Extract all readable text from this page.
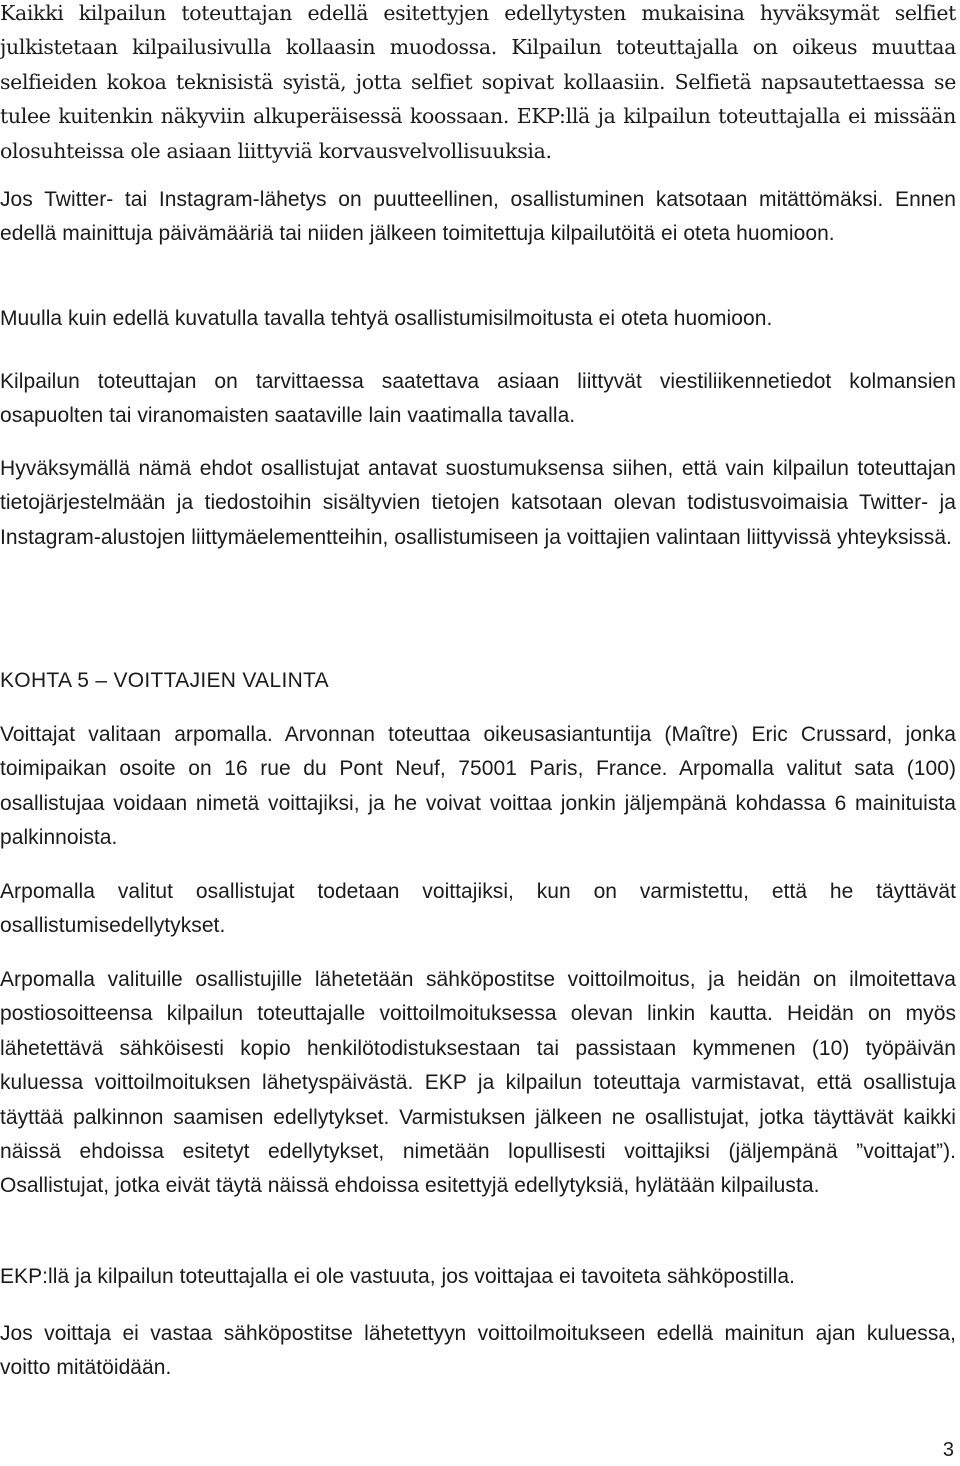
Kaikki kilpailun toteuttajan edellä esitettyjen edellytysten mukaisina hyväksymät selfiet julkistetaan kilpailusivulla kollaasin muodossa. Kilpailun toteuttajalla on oikeus muuttaa selfieiden kokoa teknisistä syistä, jotta selfiet sopivat kollaasiin. Selfietä napsautettaessa se tulee kuitenkin näkyviin alkuperäisessä koossaan. EKP:llä ja kilpailun toteuttajalla ei missään olosuhteissa ole asiaan liittyviä korvausvelvollisuuksia.

Jos Twitter- tai Instagram-lähetys on puutteellinen, osallistuminen katsotaan mitättömäksi. Ennen edellä mainittuja päivämääriä tai niiden jälkeen toimitettuja kilpailutöitä ei oteta huomioon.

Muulla kuin edellä kuvatulla tavalla tehtyä osallistumisilmoitusta ei oteta huomioon.

Kilpailun toteuttajan on tarvittaessa saatettava asiaan liittyvät viestiliikennetiedot kolmansien osapuolten tai viranomaisten saataville lain vaatimalla tavalla.

Hyväksymällä nämä ehdot osallistujat antavat suostumuksensa siihen, että vain kilpailun toteuttajan tietojärjestelmään ja tiedostoihin sisältyvien tietojen katsotaan olevan todistusvoimaisia Twitter- ja Instagram-alustojen liittymäelementteihin, osallistumiseen ja voittajien valintaan liittyvissä yhteyksissä.

KOHTA 5 – VOITTAJIEN VALINTA

Voittajat valitaan arpomalla. Arvonnan toteuttaa oikeusasiantuntija (Maître) Eric Crussard, jonka toimipaikan osoite on 16 rue du Pont Neuf, 75001 Paris, France. Arpomalla valitut sata (100) osallistujaa voidaan nimetä voittajiksi, ja he voivat voittaa jonkin jäljempänä kohdassa 6 mainituista palkinnoista.

Arpomalla valitut osallistujat todetaan voittajiksi, kun on varmistettu, että he täyttävät osallistumisedellytykset.

Arpomalla valituille osallistujille lähetetään sähköpostitse voittoilmoitus, ja heidän on ilmoitettava postiosoitteensa kilpailun toteuttajalle voittoilmoituksessa olevan linkin kautta. Heidän on myös lähetettävä sähköisesti kopio henkilötodistuksestaan tai passistaan kymmenen (10) työpäivän kuluessa voittoilmoituksen lähetyspäivästä. EKP ja kilpailun toteuttaja varmistavat, että osallistuja täyttää palkinnon saamisen edellytykset. Varmistuksen jälkeen ne osallistujat, jotka täyttävät kaikki näissä ehdoissa esitetyt edellytykset, nimetään lopullisesti voittajiksi (jäljempänä ”voittajat”). Osallistujat, jotka eivät täytä näissä ehdoissa esitettyjä edellytyksiä, hylätään kilpailusta.

EKP:llä ja kilpailun toteuttajalla ei ole vastuuta, jos voittajaa ei tavoiteta sähköpostilla.

Jos voittaja ei vastaa sähköpostitse lähetettyyn voittoilmoitukseen edellä mainitun ajan kuluessa, voitto mitätöidään.

3
